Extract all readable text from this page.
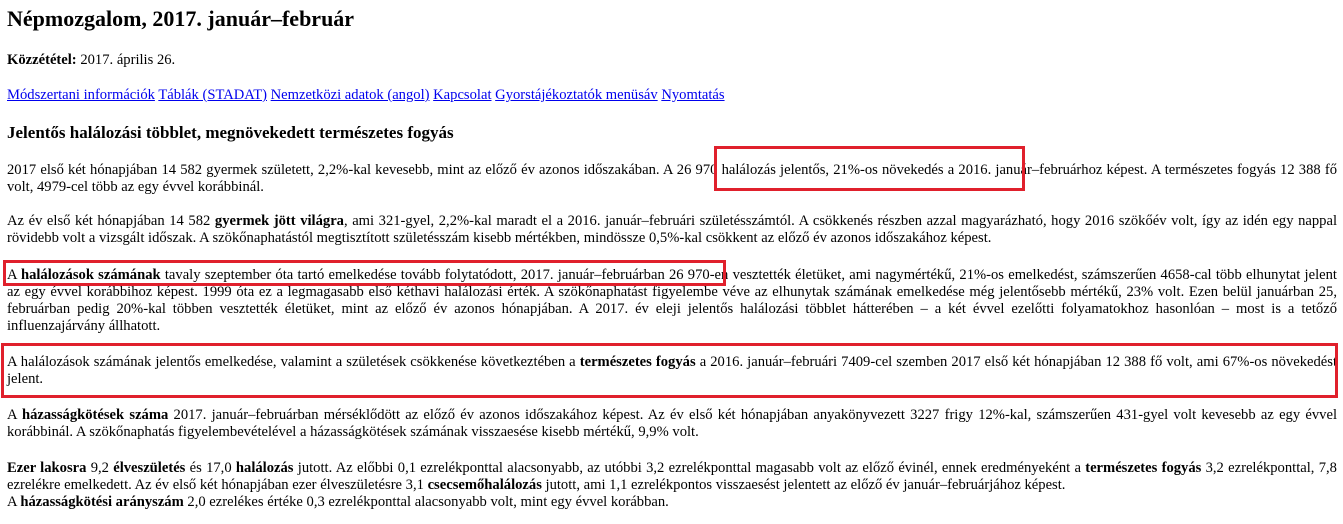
Népmozgalom, 2017. január–február

Közzététel: 2017. április 26.

Módszertani információk Táblák (STADAT) Nemzetközi adatok (angol) Kapcsolat Gyorstájékoztatók menüsáv Nyomtatás

Jelentős halálozási többlet, megnövekedett természetes fogyás

2017 első két hónapjában 14 582 gyermek született, 2,2%-kal kevesebb, mint az előző év azonos időszakában. A 26 970 halálozás jelentős, 21%-os növekedés a 2016. január–februárhoz képest. A természetes fogyás 12 388 fő volt, 4979-cel több az egy évvel korábbinál.

Az év első két hónapjában 14 582 gyermek jött világra, ami 321-gyel, 2,2%-kal maradt el a 2016. január–februári születésszámtól. A csökkenés részben azzal magyarázható, hogy 2016 szökőév volt, így az idén egy nappal rövidebb volt a vizsgált időszak. A szökőnaphatástól megtisztított születésszám kisebb mértékben, mindössze 0,5%-kal csökkent az előző év azonos időszakához képest.

A halálozások számának tavaly szeptember óta tartó emelkedése tovább folytatódott, 2017. január–februárban 26 970-en vesztették életüket, ami nagymértékű, 21%-os emelkedést, számszerűen 4658-cal több elhunytat jelent az egy évvel korábbihoz képest. 1999 óta ez a legmagasabb első kéthavi halálozási érték. A szökőnaphatást figyelembe véve az elhunytak számának emelkedése még jelentősebb mértékű, 23% volt. Ezen belül januárban 25, februárban pedig 20%-kal többen vesztették életüket, mint az előző év azonos hónapjában. A 2017. év eleji jelentős halálozási többlet hátterében – a két évvel ezelőtti folyamatokhoz hasonlóan – most is a tetőző influenzajárvány állhatott.

A halálozások számának jelentős emelkedése, valamint a születések csökkenése következtében a természetes fogyás a 2016. január–februári 7409-cel szemben 2017 első két hónapjában 12 388 fő volt, ami 67%-os növekedést jelent.

A házasságkötések száma 2017. január–februárban mérséklődött az előző év azonos időszakához képest. Az év első két hónapjában anyakönyvezett 3227 frigy 12%-kal, számszerűen 431-gyel volt kevesebb az egy évvel korábbinál. A szökőnaphatás figyelembevételével a házasságkötések számának visszaesése kisebb mértékű, 9,9% volt.

Ezer lakosra 9,2 élveszületés és 17,0 halálozás jutott. Az előbbi 0,1 ezrelékponttal alacsonyabb, az utóbbi 3,2 ezrelékponttal magasabb volt az előző évinél, ennek eredményeként a természetes fogyás 3,2 ezrelékponttal, 7,8 ezrelékre emelkedett. Az év első két hónapjában ezer élveszületésre 3,1 csecsemőhalálozás jutott, ami 1,1 ezrelékpontos visszaesést jelentett az előző év január–februárjához képest.
A házasságkötési arányszám 2,0 ezrelékes értéke 0,3 ezrelékponttal alacsonyabb volt, mint egy évvel korábban.
